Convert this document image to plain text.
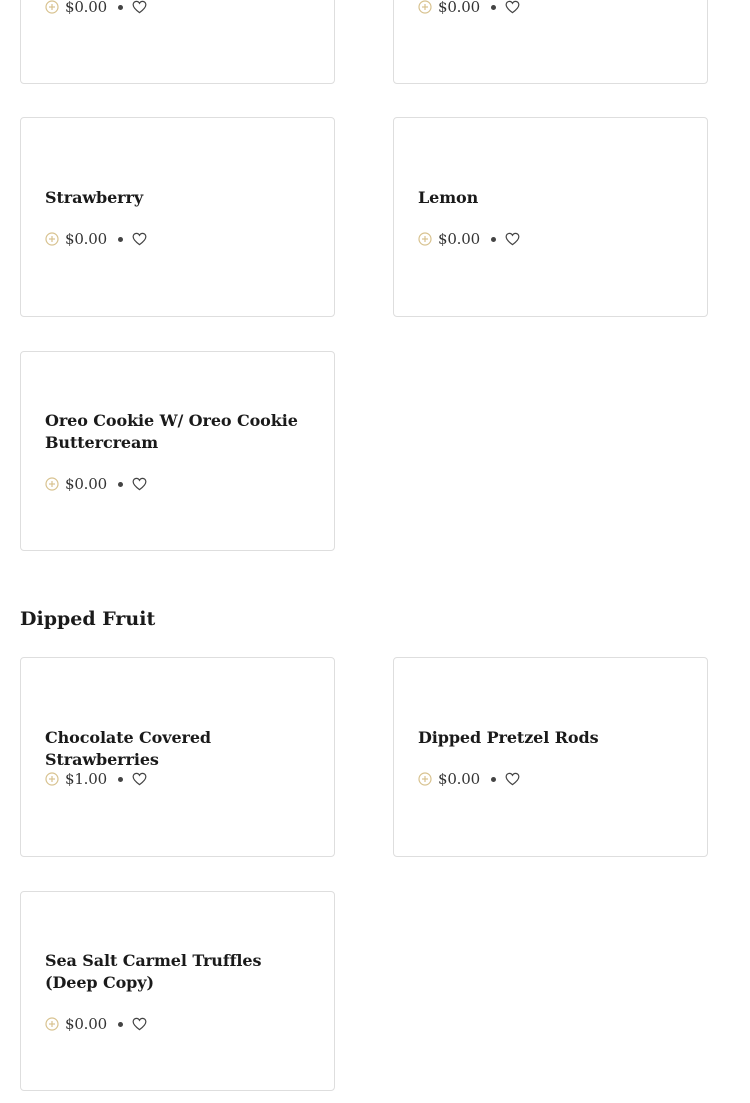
$0.00	$0.00
Strawberry
$0.00
Lemon
$0.00
Oreo Cookie W/ Oreo Cookie Buttercream
$0.00
Dipped Fruit
Chocolate Covered Strawberries
$1.00
Dipped Pretzel Rods
$0.00
Sea Salt Carmel Truffles (Deep Copy)
$0.00
